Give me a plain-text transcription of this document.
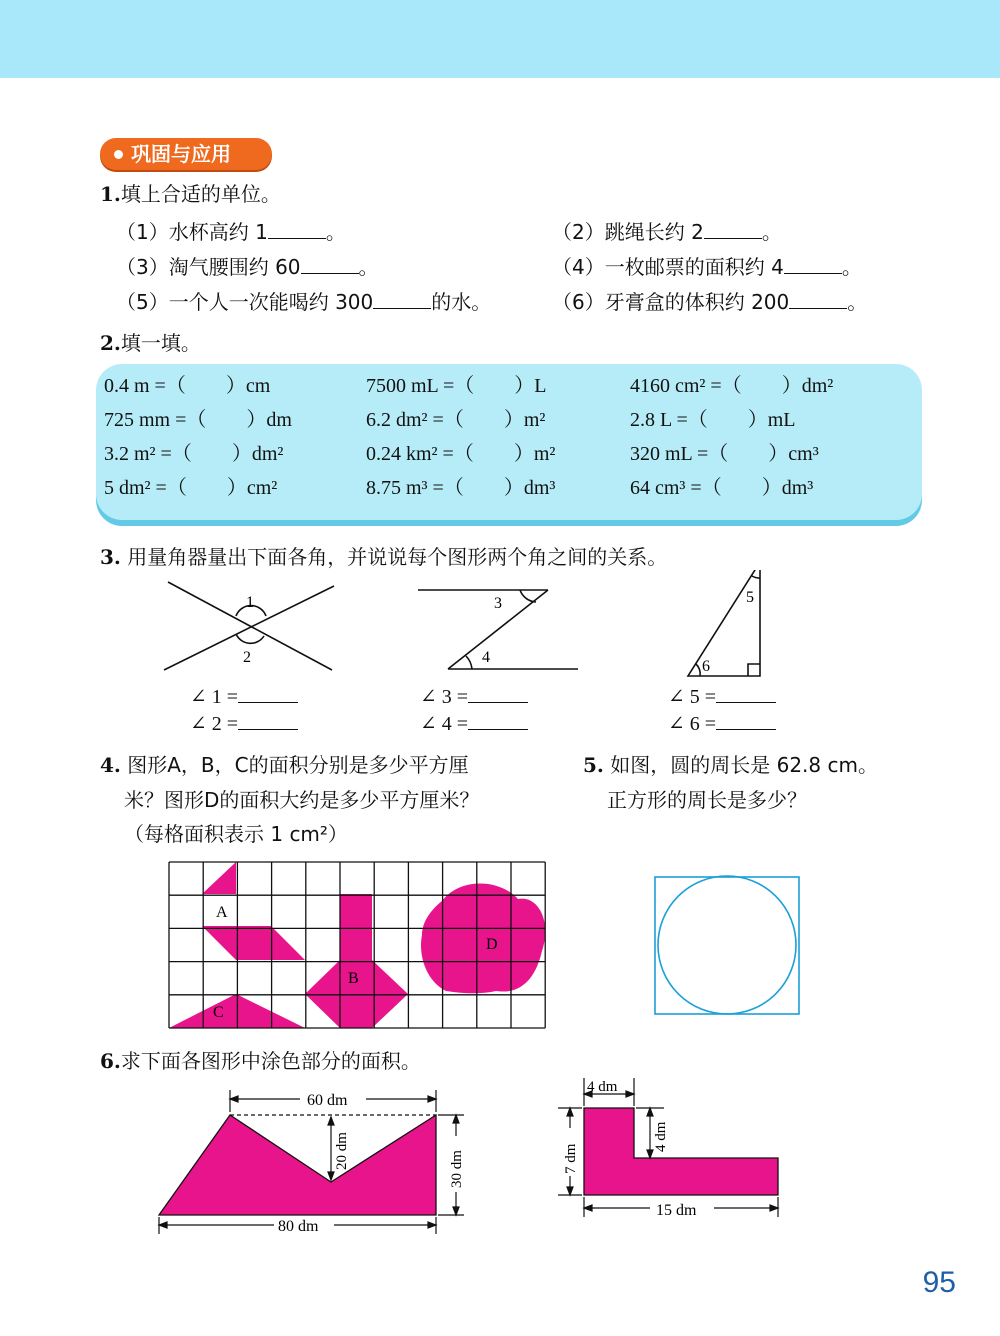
巩固与应用
1.填上合适的单位。
（1）水杯高约 1	。	（2）跳绳长约 2	。
（3）淘气腰围约 60	。	（4）一枚邮票的面积约 4	。
（5）一个人一次能喝约 300	的水。	（6）牙膏盒的体积约 200	。
2.填一填。
0.4 m =（　　）cm	7500 mL =（　　）L	4160 cm² =（　　）dm²
725 mm =（　　）dm	6.2 dm² =（　　）m²	2.8 L =（　　）mL
3.2 m² =（　　）dm²	0.24 km² =（　　）m²	320 mL =（　　）cm³
5 dm² =（　　）cm²	8.75 m³ =（　　）dm³	64 cm³ =（　　）dm³
3. 用量角器量出下面各角，并说说每个图形两个角之间的关系。
1
2
3
4
5
6
∠ 1 =
∠ 2 =
∠ 3 =
∠ 4 =
∠ 5 =
∠ 6 =
4. 图形A，B，C的面积分别是多少平方厘
米？图形D的面积大约是多少平方厘米？
（每格面积表示 1 cm²）
5. 如图，圆的周长是 62.8 cm。
正方形的周长是多少？
A
B
C
D
6.求下面各图形中涂色部分的面积。
60 dm
20 dm	30 dm
80 dm
4 dm
4 dm
7 dm
15 dm
95
